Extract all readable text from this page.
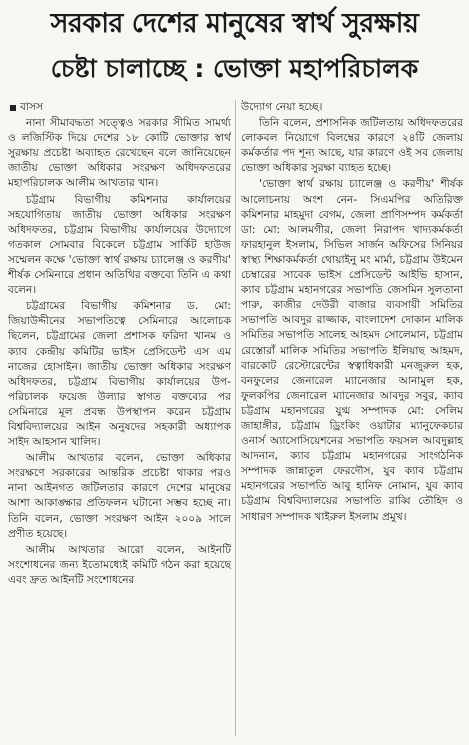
সরকার দেশের মানুষের স্বার্থ সুরক্ষায়
চেষ্টা চালাচ্ছে : ভোক্তা মহাপরিচালক
বাসস

নানা সীমাবদ্ধতা সত্ত্বেও সরকার সীমিত সামর্থ্য ও লজিস্টিক দিয়ে দেশের ১৮ কোটি ভোক্তার স্বার্থ সুরক্ষায় প্রচেষ্টা অব্যাহত রেখেছেন বলে জানিয়েছেন জাতীয় ভোক্তা অধিকার সংরক্ষণ অধিদফতরের মহাপরিচালক আলীম আখতার খান।

চট্টগ্রাম বিভাগীয় কমিশনার কার্যালয়ের সহযোগিতায় জাতীয় ভোক্তা অধিকার সংরক্ষণ অধিদফতর, চট্টগ্রাম বিভাগীয় কার্যালয়ের উদ্যোগে গতকাল সোমবার বিকেলে চট্টগ্রাম সার্কিট হাউজ সম্মেলন কক্ষে 'ভোক্তা স্বার্থ রক্ষায় চ্যালেঞ্জ ও করণীয়' শীর্ষক সেমিনারে প্রধান অতিথির বক্তব্যে তিনি এ কথা বলেন।

চট্টগ্রামের বিভাগীয় কমিশনার ড. মো: জিয়াউদ্দীনের সভাপতিত্বে সেমিনারে আলোচক ছিলেন, চট্টগ্রামের জেলা প্রশাসক ফরিদা খানম ও ক্যাব কেন্দ্রীয় কমিটির ভাইস প্রেসিডেন্ট এস এম নাজের হোসাইন। জাতীয় ভোক্তা অধিকার সংরক্ষণ অধিদফতর, চট্টগ্রাম বিভাগীয় কার্যালয়ের উপ-পরিচালক ফয়েজ উল্যার স্বাগত বক্তব্যের পর সেমিনারে মূল প্রবন্ধ উপস্থাপন করেন চট্টগ্রাম বিশ্ববিদ্যালয়ের আইন অনুষদের সহকারী অধ্যাপক সাইদ আহসান খালিদ।

আলীম আখতার বলেন, ভোক্তা অধিকার সংরক্ষণে সরকারের আন্তরিক প্রচেষ্টা থাকার পরও নানা আইনগত জটিলতার কারণে দেশের মানুষের আশা আকাঙ্ক্ষার প্রতিফলন ঘটানো সম্ভব হচ্ছে না। তিনি বলেন, ভোক্তা সংরক্ষণ আইন ২০০৯ সালে প্রণীত হয়েছে।

আলীম আখতার আরো বলেন, আইনটি সংশোধনের জন্য ইতোমধ্যেই কমিটি গঠন করা হয়েছে এবং দ্রুত আইনটি সংশোধনের

উদ্যোগ নেয়া হচ্ছে।

তিনি বলেন, প্রশাসনিক জটিলতায় অধিদফতরের লোকবল নিয়োগে বিলম্বের কারণে ২৪টি জেলায় কর্মকর্তার পদ শূন্য আছে, যার কারণে ওই সব জেলায় ভোক্তা অধিকার সুরক্ষা ব্যাহত হচ্ছে।

'ভোক্তা স্বার্থ রক্ষায় চ্যালেঞ্জ ও করণীয়' শীর্ষক আলোচনায় অংশ নেন- সিএমপির অতিরিক্ত কমিশনার মাহমুদা বেগম, জেলা প্রাণিসম্পদ কর্মকর্তা ডা: মো: আলমগীর, জেলা নিরাপদ খাদ্যকর্মকর্তা ফারহানুল ইসলাম, সিভিল সার্জন অফিসের সিনিয়র স্বাস্থ্য শিক্ষাকর্মকর্তা থোয়াইনু মং মার্মা, চট্টগ্রাম উইমেন চেম্বারের সাবেক ভাইস প্রেসিডেন্ট আইভি হাসান, ক্যাব চট্টগ্রাম মহানগরের সভাপতি জেসমিন সুলতানা পারু, কাজীর দেউরী বাজার ব্যবসায়ী সমিতির সভাপতি আবদুর রাজ্জাক, বাংলাদেশ দোকান মালিক সমিতির সভাপতি সালেহ আহমদ সোলেমান, চট্টগ্রাম রেস্তোরাঁ মালিক সমিতির সভাপতি ইলিয়াছ আহমদ, বারকোট রেস্টোরেন্টের স্বত্বাধিকারী মনজুরুল হক, বনফুলের জেনারেল ম্যানেজার আনামুল হক, ফুলকপির জেনারেল ম্যানেজার আবদুর সবুর, ক্যাব চট্টগ্রাম মহানগরের যুগ্ম সম্পাদক মো: সেলিম জাহাঙ্গীর, চট্টগ্রাম ড্রিংকিং ওয়াটার ম্যানুফেকচার ওনার্স অ্যাসোসিয়েশনের সভাপতি ফয়সল আবদুল্লাহ আদনান, ক্যাব চট্টগ্রাম মহানগরের সাংগঠনিক সম্পাদক জান্নাতুল ফেরদৌস, যুব ক্যাব চট্টগ্রাম মহানগরের সভাপতি আবু হানিফ নোমান, যুব ক্যাব চট্টগ্রাম বিশ্ববিদ্যালয়ের সভাপতি রাব্বি তৌহিদ ও সাধারণ সম্পাদক খাইরুল ইসলাম প্রমুখ।
